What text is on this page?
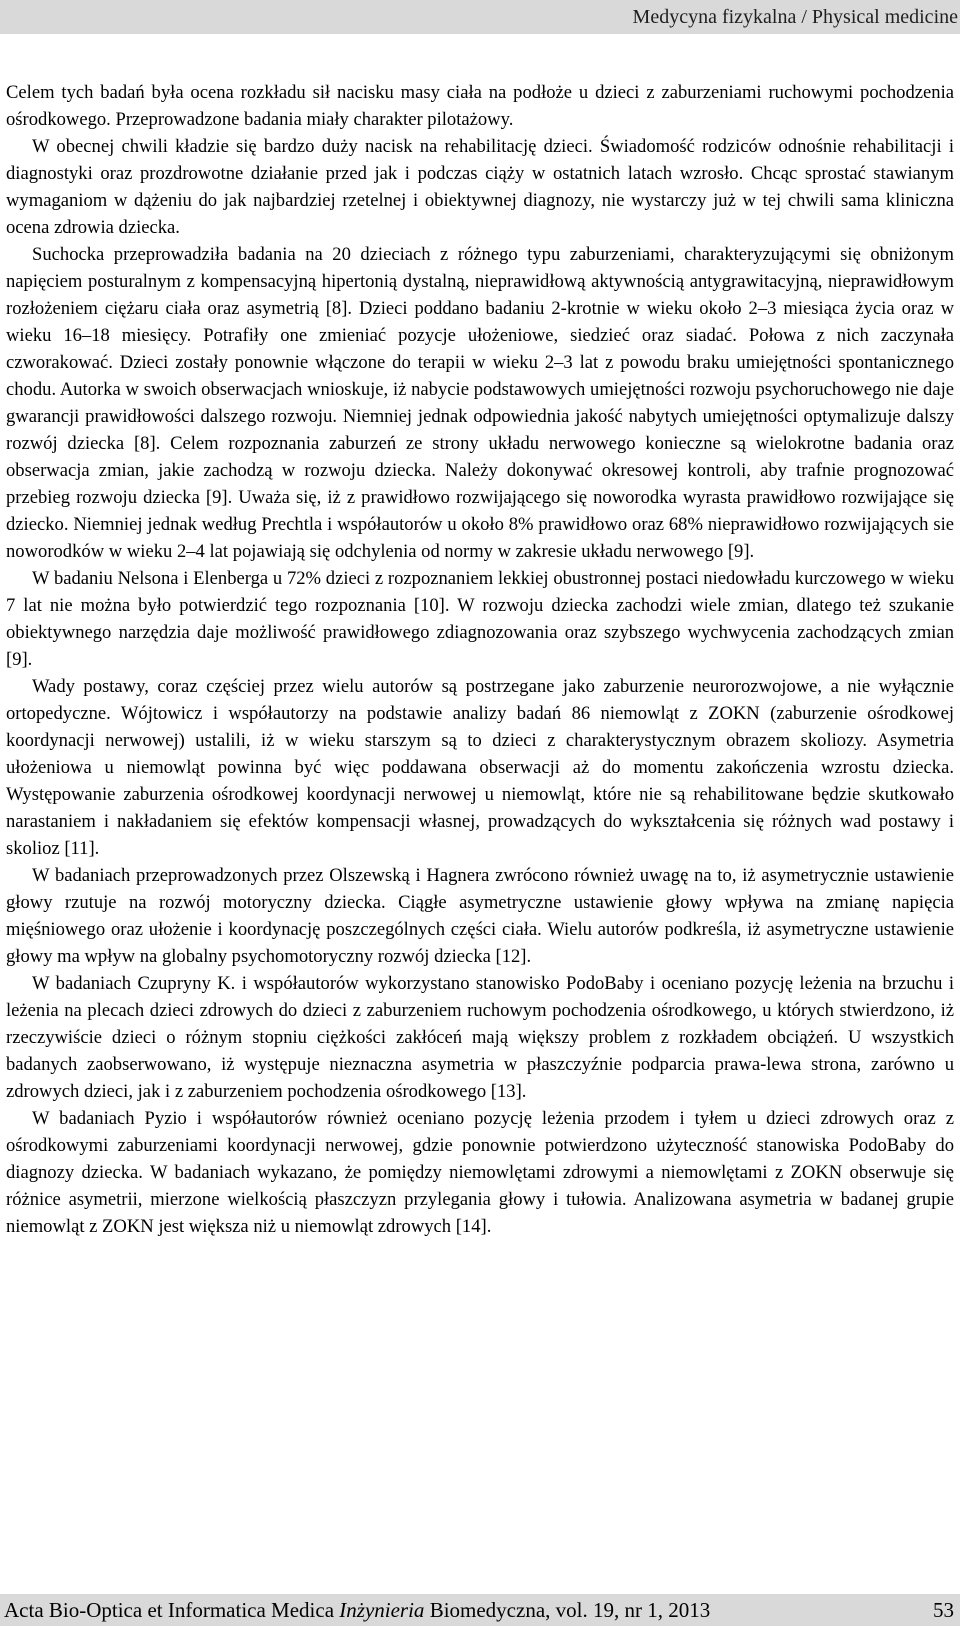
Medycyna fizykalna / Physical medicine

Celem tych badań była ocena rozkładu sił nacisku masy ciała na podłoże u dzieci z zaburzeniami ruchowymi pochodzenia ośrodkowego. Przeprowadzone badania miały charakter pilotażowy.

W obecnej chwili kładzie się bardzo duży nacisk na rehabilitację dzieci. Świadomość rodziców odnośnie rehabilitacji i diagnostyki oraz prozdrowotne działanie przed jak i podczas ciąży w ostatnich latach wzrosło. Chcąc sprostać stawianym wymaganiom w dążeniu do jak najbardziej rzetelnej i obiektywnej diagnozy, nie wystarczy już w tej chwili sama kliniczna ocena zdrowia dziecka.

Suchocka przeprowadziła badania na 20 dzieciach z różnego typu zaburzeniami, charakteryzującymi się obniżonym napięciem posturalnym z kompensacyjną hipertonią dystalną, nieprawidłową aktywnością antygrawitacyjną, nieprawidłowym rozłożeniem ciężaru ciała oraz asymetrią [8]. Dzieci poddano badaniu 2-krotnie w wieku około 2–3 miesiąca życia oraz w wieku 16–18 miesięcy. Potrafiły one zmieniać pozycje ułożeniowe, siedzieć oraz siadać. Połowa z nich zaczynała czworakować. Dzieci zostały ponownie włączone do terapii w wieku 2–3 lat z powodu braku umiejętności spontanicznego chodu. Autorka w swoich obserwacjach wnioskuje, iż nabycie podstawowych umiejętności rozwoju psychoruchowego nie daje gwarancji prawidłowości dalszego rozwoju. Niemniej jednak odpowiednia jakość nabytych umiejętności optymalizuje dalszy rozwój dziecka [8]. Celem rozpoznania zaburzeń ze strony układu nerwowego konieczne są wielokrotne badania oraz obserwacja zmian, jakie zachodzą w rozwoju dziecka. Należy dokonywać okresowej kontroli, aby trafnie prognozować przebieg rozwoju dziecka [9]. Uważa się, iż z prawidłowo rozwijającego się noworodka wyrasta prawidłowo rozwijające się dziecko. Niemniej jednak według Prechtla i współautorów u około 8% prawidłowo oraz 68% nieprawidłowo rozwijających sie noworodków w wieku 2–4 lat pojawiają się odchylenia od normy w zakresie układu nerwowego [9].

W badaniu Nelsona i Elenberga u 72% dzieci z rozpoznaniem lekkiej obustronnej postaci niedowładu kurczowego w wieku 7 lat nie można było potwierdzić tego rozpoznania [10]. W rozwoju dziecka zachodzi wiele zmian, dlatego też szukanie obiektywnego narzędzia daje możliwość prawidłowego zdiagnozowania oraz szybszego wychwycenia zachodzących zmian [9].

Wady postawy, coraz częściej przez wielu autorów są postrzegane jako zaburzenie neurorozwojowe, a nie wyłącznie ortopedyczne. Wójtowicz i współautorzy na podstawie analizy badań 86 niemowląt z ZOKN (zaburzenie ośrodkowej koordynacji nerwowej) ustalili, iż w wieku starszym są to dzieci z charakterystycznym obrazem skoliozy. Asymetria ułożeniowa u niemowląt powinna być więc poddawana obserwacji aż do momentu zakończenia wzrostu dziecka. Występowanie zaburzenia ośrodkowej koordynacji nerwowej u niemowląt, które nie są rehabilitowane będzie skutkowało narastaniem i nakładaniem się efektów kompensacji własnej, prowadzących do wykształcenia się różnych wad postawy i skolioz [11].

W badaniach przeprowadzonych przez Olszewską i Hagnera zwrócono również uwagę na to, iż asymetrycznie ustawienie głowy rzutuje na rozwój motoryczny dziecka. Ciągłe asymetryczne ustawienie głowy wpływa na zmianę napięcia mięśniowego oraz ułożenie i koordynację poszczególnych części ciała. Wielu autorów podkreśla, iż asymetryczne ustawienie głowy ma wpływ na globalny psychomotoryczny rozwój dziecka [12].

W badaniach Czupryny K. i współautorów wykorzystano stanowisko PodoBaby i oceniano pozycję leżenia na brzuchu i leżenia na plecach dzieci zdrowych do dzieci z zaburzeniem ruchowym pochodzenia ośrodkowego, u których stwierdzono, iż rzeczywiście dzieci o różnym stopniu ciężkości zakłóceń mają większy problem z rozkładem obciążeń. U wszystkich badanych zaobserwowano, iż występuje nieznaczna asymetria w płaszczyźnie podparcia prawa-lewa strona, zarówno u zdrowych dzieci, jak i z zaburzeniem pochodzenia ośrodkowego [13].

W badaniach Pyzio i współautorów również oceniano pozycję leżenia przodem i tyłem u dzieci zdrowych oraz z ośrodkowymi zaburzeniami koordynacji nerwowej, gdzie ponownie potwierdzono użyteczność stanowiska PodoBaby do diagnozy dziecka. W badaniach wykazano, że pomiędzy niemowlętami zdrowymi a niemowlętami z ZOKN obserwuje się różnice asymetrii, mierzone wielkością płaszczyzn przylegania głowy i tułowia. Analizowana asymetria w badanej grupie niemowląt z ZOKN jest większa niż u niemowląt zdrowych [14].

Acta Bio-Optica et Informatica Medica Inżynieria Biomedyczna, vol. 19, nr 1, 2013	53
